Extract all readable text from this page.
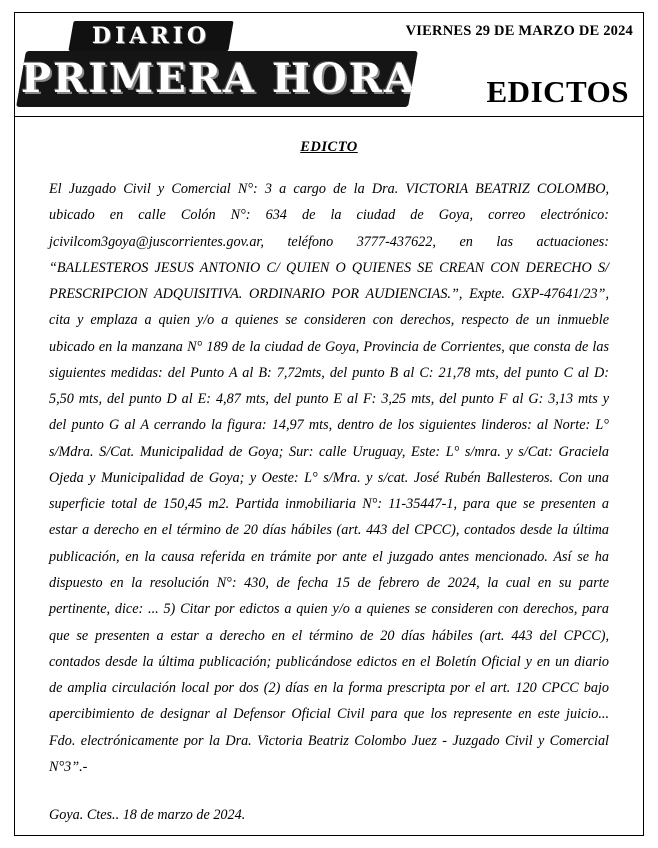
VIERNES 29 DE MARZO DE 2024
DIARIO
PRIMERA HORA EDICTOS
EDICTO
El Juzgado Civil y Comercial N°: 3 a cargo de la Dra. VICTORIA BEATRIZ COLOMBO, ubicado en calle Colón N°: 634 de la ciudad de Goya, correo electrónico: jcivilcom3goya@juscorrientes.gov.ar, teléfono 3777-437622, en las actuaciones: “BALLESTEROS JESUS ANTONIO C/ QUIEN O QUIENES SE CREAN CON DERECHO S/ PRESCRIPCION ADQUISITIVA. ORDINARIO POR AUDIENCIAS.”, Expte. GXP-47641/23”, cita y emplaza a quien y/o a quienes se consideren con derechos, respecto de un inmueble ubicado en la manzana N° 189 de la ciudad de Goya, Provincia de Corrientes, que consta de las siguientes medidas: del Punto A al B: 7,72mts, del punto B al C: 21,78 mts, del punto C al D: 5,50 mts, del punto D al E: 4,87 mts, del punto E al F: 3,25 mts, del punto F al G: 3,13 mts y del punto G al A cerrando la figura: 14,97 mts, dentro de los siguientes linderos: al Norte: L° s/Mdra. S/Cat. Municipalidad de Goya; Sur: calle Uruguay, Este: L° s/mra. y s/Cat: Graciela Ojeda y Municipalidad de Goya; y Oeste: L° s/Mra. y s/cat. José Rubén Ballesteros. Con una superficie total de 150,45 m2. Partida inmobiliaria N°: 11-35447-1, para que se presenten a estar a derecho en el término de 20 días hábiles (art. 443 del CPCC), contados desde la última publicación, en la causa referida en trámite por ante el juzgado antes mencionado. Así se ha dispuesto en la resolución N°: 430, de fecha 15 de febrero de 2024, la cual en su parte pertinente, dice: ... 5) Citar por edictos a quien y/o a quienes se consideren con derechos, para que se presenten a estar a derecho en el término de 20 días hábiles (art. 443 del CPCC), contados desde la última publicación; publicándose edictos en el Boletín Oficial y en un diario de amplia circulación local por dos (2) días en la forma prescripta por el art. 120 CPCC bajo apercibimiento de designar al Defensor Oficial Civil para que los represente en este juicio... Fdo. electrónicamente por la Dra. Victoria Beatriz Colombo Juez - Juzgado Civil y Comercial N°3”.-
Goya. Ctes.. 18 de marzo de 2024.
